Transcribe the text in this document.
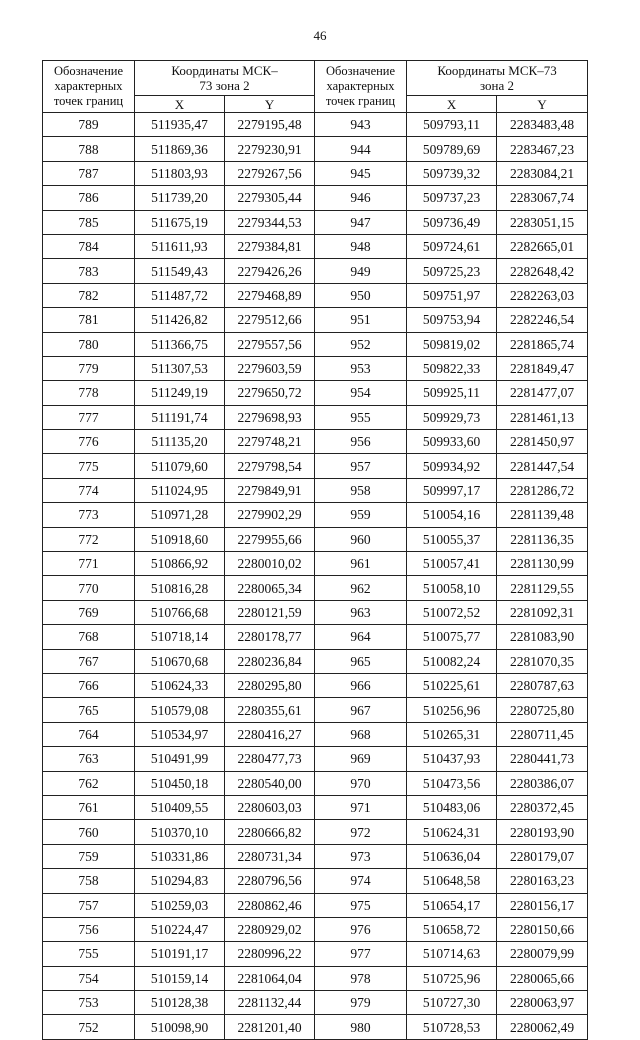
46
Обозначение характерных точек границ	Координаты МСК–73 зона 2		Обозначение характерных точек границ	Координаты МСК–73 зона 2	
	X	Y		X	Y
789	511935,47	2279195,48	943	509793,11	2283483,48
788	511869,36	2279230,91	944	509789,69	2283467,23
787	511803,93	2279267,56	945	509739,32	2283084,21
786	511739,20	2279305,44	946	509737,23	2283067,74
785	511675,19	2279344,53	947	509736,49	2283051,15
784	511611,93	2279384,81	948	509724,61	2282665,01
783	511549,43	2279426,26	949	509725,23	2282648,42
782	511487,72	2279468,89	950	509751,97	2282263,03
781	511426,82	2279512,66	951	509753,94	2282246,54
780	511366,75	2279557,56	952	509819,02	2281865,74
779	511307,53	2279603,59	953	509822,33	2281849,47
778	511249,19	2279650,72	954	509925,11	2281477,07
777	511191,74	2279698,93	955	509929,73	2281461,13
776	511135,20	2279748,21	956	509933,60	2281450,97
775	511079,60	2279798,54	957	509934,92	2281447,54
774	511024,95	2279849,91	958	509997,17	2281286,72
773	510971,28	2279902,29	959	510054,16	2281139,48
772	510918,60	2279955,66	960	510055,37	2281136,35
771	510866,92	2280010,02	961	510057,41	2281130,99
770	510816,28	2280065,34	962	510058,10	2281129,55
769	510766,68	2280121,59	963	510072,52	2281092,31
768	510718,14	2280178,77	964	510075,77	2281083,90
767	510670,68	2280236,84	965	510082,24	2281070,35
766	510624,33	2280295,80	966	510225,61	2280787,63
765	510579,08	2280355,61	967	510256,96	2280725,80
764	510534,97	2280416,27	968	510265,31	2280711,45
763	510491,99	2280477,73	969	510437,93	2280441,73
762	510450,18	2280540,00	970	510473,56	2280386,07
761	510409,55	2280603,03	971	510483,06	2280372,45
760	510370,10	2280666,82	972	510624,31	2280193,90
759	510331,86	2280731,34	973	510636,04	2280179,07
758	510294,83	2280796,56	974	510648,58	2280163,23
757	510259,03	2280862,46	975	510654,17	2280156,17
756	510224,47	2280929,02	976	510658,72	2280150,66
755	510191,17	2280996,22	977	510714,63	2280079,99
754	510159,14	2281064,04	978	510725,96	2280065,66
753	510128,38	2281132,44	979	510727,30	2280063,97
752	510098,90	2281201,40	980	510728,53	2280062,49
